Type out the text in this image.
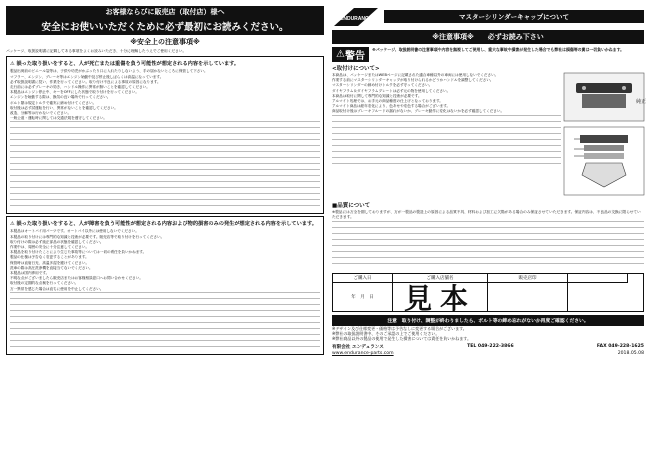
お客様ならびに販売店（取付店）様へ
安全にお使いいただくために必ず最初にお読みください。
※安全上の注意事項※

パッケージ、取扱説明書に記載してある事項をよくお読みいただき、十分に理解したうえでご使用ください。

⚠ 誤った取り扱いをすると、人が死亡または重傷を負う可能性が想定される内容を示しています。

製品出荷前のビニール袋等は、子供や幼児がかぶったり口に入れたりしないよう、手の届かないところに保管して下さい。

マフラー、エンジン、ブレーキ等はエンジン始動中及び停止後しばらくは高温になっています。

必ず取扱説明書に従い、作業を行ってください。取り付け不良による事故の原因になります。

走行前には必ずブレーキの効き、ハンドル操作に異常が無いことを確認してください。

本製品はエンジン停止中、キーをOFFにした状態で取り付けを行ってください。

エンジンを始動する際は、換気の良い場所で行ってください。

ボルト類は規定トルクで確実に締め付けてください。

取付後は必ず試運転を行い、異常がないことを確認してください。

改造、分解等は行わないでください。

一般公道・運転時に関しては交通法規を遵守してください。

⚠ 誤った取り扱いをすると、人が障害を負う可能性が想定される内容および物的損害のみの発生が想定される内容を示しています。

本製品はオートバイ用パーツです。オートバイ以外には使用しないでください。

本製品の取り付けには専門的な知識と技術が必要です。販売店等で取り付けを行ってください。

取り付けの際は必ず純正部品の状態を確認してください。

作業中は、周囲の安全に十分注意してください。

本製品を取り付けたことにより生じた事故等については一切の責任を負いかねます。

製品の仕様は予告なく変更することがあります。

保管時は直射日光、高温多湿を避けてください。

洗車の際は高圧洗浄機を直接当てないでください。

本製品は国内専用です。

不明な点がございましたら販売店またはお客様相談窓口へお問い合わせください。

取付後の定期的な点検を行ってください。

万一異常を感じた場合は直ちに使用を中止してください。

ENDURANCE	マスターシリンダーキャップについて
※注意事項※　　必ずお読み下さい
⚠ 警告
※パッケージ、取扱説明書の注意事項や内容を無視してご使用し、重大な事故や損害が発生した場合でも弊社は損傷等の責は一切負いかねます。
<取付けについて>

本商品は、パッケージまたはWEBページに記載された適合車種以外の車両には使用しないでください。

作業する前にマスターシリンダーキャップが取り付けられるかどうかハンドルを調整してください。

マスターシリンダーの締め付けトルクを必ず守ってください。

ダイヤフラム＆ダイヤフラムプレートは必ず元の物を使用してください。

本商品は取付に関して専門的な知識と技術が必要です。

アルマイト処理では、お手元の商品種度の仕上げとなっております。

アルマイト商品は経年変化により、色あせや変色する場合がございます。

商品取付け後はブレーキフルードの漏れがないか、ブレーキ動作に変化はないかを必ず確認してください。

純正

■品質について

※製品には万全を期しておりますが、万が一製品の製造上の原因による品質不具、材料および加工に欠陥がある場合のみ保証させていただきます。保証内容は、不良品の交換に限らせていただきます。

ご購入日	ご購入店舗名	販売店印
年　月　日	見本
注意　取り付け、調整が終わりましたら、ボルト等の締め忘れがないか再度ご確認ください。

※デザイン及び仕様変更・価格等は予告なしに変更する場合がございます。

※弊社の取扱説明書中、そのご承認の上でご使用ください。

※弊社商品以外の製品の使用で発生した損害については責任を負いかねます。

有限会社 エンデュランス	TEL 049-222-3866	FAX 049-228-1625
www.endurance-parts.com	2018.05.08
